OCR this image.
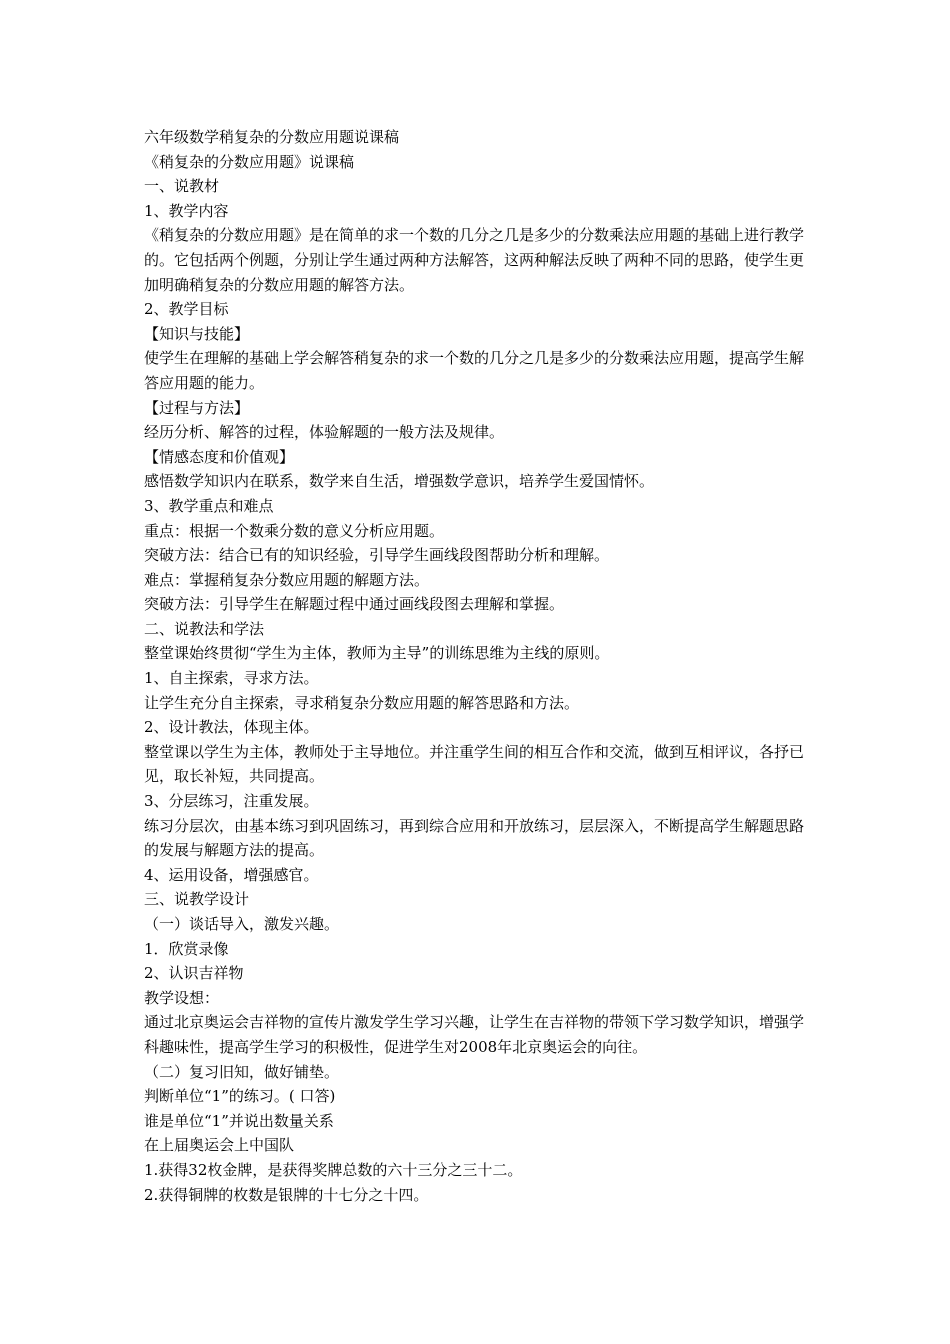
六年级数学稍复杂的分数应用题说课稿

《稍复杂的分数应用题》说课稿

一、说教材

1、教学内容

《稍复杂的分数应用题》是在简单的求一个数的几分之几是多少的分数乘法应用题的基础上进行教学的。它包括两个例题，分别让学生通过两种方法解答，这两种解法反映了两种不同的思路，使学生更加明确稍复杂的分数应用题的解答方法。

2、教学目标

【知识与技能】

使学生在理解的基础上学会解答稍复杂的求一个数的几分之几是多少的分数乘法应用题，提高学生解答应用题的能力。

【过程与方法】

经历分析、解答的过程，体验解题的一般方法及规律。

【情感态度和价值观】

感悟数学知识内在联系，数学来自生活，增强数学意识，培养学生爱国情怀。

3、教学重点和难点

重点：根据一个数乘分数的意义分析应用题。

突破方法：结合已有的知识经验，引导学生画线段图帮助分析和理解。

难点：掌握稍复杂分数应用题的解题方法。

突破方法：引导学生在解题过程中通过画线段图去理解和掌握。

二、说教法和学法

整堂课始终贯彻“学生为主体，教师为主导”的训练思维为主线的原则。

1、自主探索，寻求方法。

让学生充分自主探索，寻求稍复杂分数应用题的解答思路和方法。

2、设计教法，体现主体。

整堂课以学生为主体，教师处于主导地位。并注重学生间的相互合作和交流，做到互相评议，各抒已见，取长补短，共同提高。

3、分层练习，注重发展。

练习分层次，由基本练习到巩固练习，再到综合应用和开放练习，层层深入，不断提高学生解题思路的发展与解题方法的提高。

4、运用设备，增强感官。

三、说教学设计

（一）谈话导入，激发兴趣。

1．欣赏录像

2、认识吉祥物

教学设想：

通过北京奥运会吉祥物的宣传片激发学生学习兴趣，让学生在吉祥物的带领下学习数学知识，增强学科趣味性，提高学生学习的积极性，促进学生对2008年北京奥运会的向往。

（二）复习旧知，做好铺垫。

判断单位“1”的练习。( 口答)

谁是单位“1”并说出数量关系

在上届奥运会上中国队

1.获得32枚金牌，是获得奖牌总数的六十三分之三十二。

2.获得铜牌的枚数是银牌的十七分之十四。
